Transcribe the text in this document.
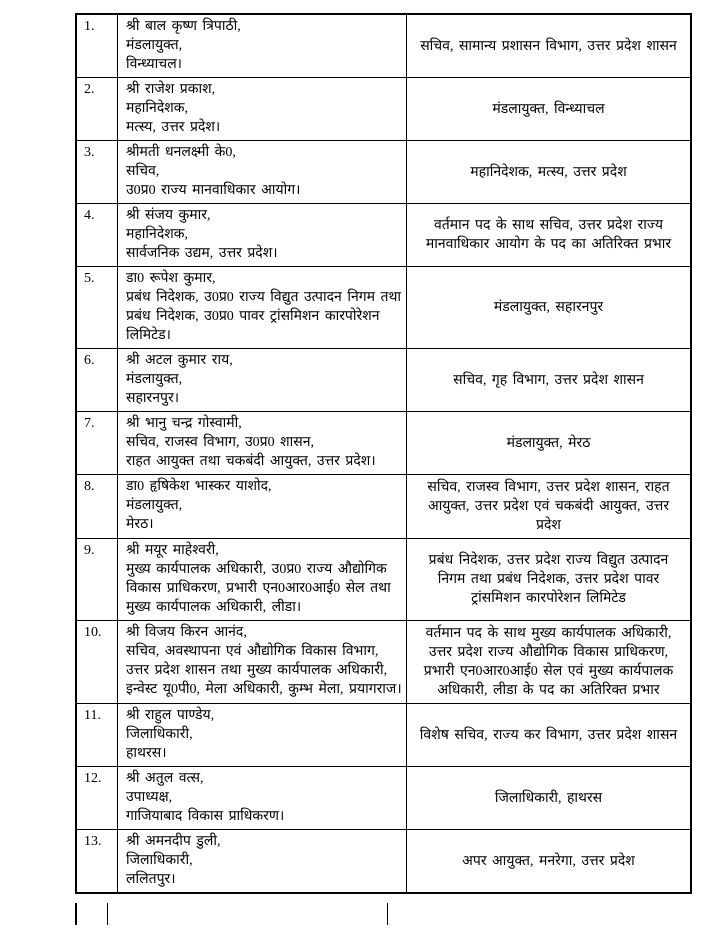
1.	श्री बाल कृष्ण त्रिपाठी,
मंडलायुक्त,
विन्ध्याचल।	सचिव, सामान्य प्रशासन विभाग, उत्तर प्रदेश शासन
2.	श्री राजेश प्रकाश,
महानिदेशक,
मत्स्य, उत्तर प्रदेश।	मंडलायुक्त, विन्ध्याचल
3.	श्रीमती धनलक्ष्मी के0,
सचिव,
उ0प्र0 राज्य मानवाधिकार आयोग।	महानिदेशक, मत्स्य, उत्तर प्रदेश
4.	श्री संजय कुमार,
महानिदेशक,
सार्वजनिक उद्यम, उत्तर प्रदेश।	वर्तमान पद के साथ सचिव, उत्तर प्रदेश राज्य मानवाधिकार आयोग के पद का अतिरिक्त प्रभार
5.	डा0 रूपेश कुमार,
प्रबंध निदेशक, उ0प्र0 राज्य विद्युत उत्पादन निगम तथा
प्रबंध निदेशक, उ0प्र0 पावर ट्रांसमिशन कारपोरेशन
लिमिटेड।	मंडलायुक्त, सहारनपुर
6.	श्री अटल कुमार राय,
मंडलायुक्त,
सहारनपुर।	सचिव, गृह विभाग, उत्तर प्रदेश शासन
7.	श्री भानु चन्द्र गोस्वामी,
सचिव, राजस्व विभाग, उ0प्र0 शासन,
राहत आयुक्त तथा चकबंदी आयुक्त, उत्तर प्रदेश।	मंडलायुक्त, मेरठ
8.	डा0 हृषिकेश भास्कर याशोद,
मंडलायुक्त,
मेरठ।	सचिव, राजस्व विभाग, उत्तर प्रदेश शासन, राहत आयुक्त, उत्तर प्रदेश एवं चकबंदी आयुक्त, उत्तर प्रदेश
9.	श्री मयूर माहेश्वरी,
मुख्य कार्यपालक अधिकारी, उ0प्र0 राज्य औद्योगिक
विकास प्राधिकरण, प्रभारी एन0आर0आई0 सेल तथा
मुख्य कार्यपालक अधिकारी, लीडा।	प्रबंध निदेशक, उत्तर प्रदेश राज्य विद्युत उत्पादन निगम तथा प्रबंध निदेशक, उत्तर प्रदेश पावर ट्रांसमिशन कारपोरेशन लिमिटेड
10.	श्री विजय किरन आनंद,
सचिव, अवस्थापना एवं औद्योगिक विकास विभाग,
उत्तर प्रदेश शासन तथा मुख्य कार्यपालक अधिकारी,
इन्वेस्ट यू0पी0, मेला अधिकारी, कुम्भ मेला, प्रयागराज।	वर्तमान पद के साथ मुख्य कार्यपालक अधिकारी, उत्तर प्रदेश राज्य औद्योगिक विकास प्राधिकरण, प्रभारी एन0आर0आई0 सेल एवं मुख्य कार्यपालक अधिकारी, लीडा के पद का अतिरिक्त प्रभार
11.	श्री राहुल पाण्डेय,
जिलाधिकारी,
हाथरस।	विशेष सचिव, राज्य कर विभाग, उत्तर प्रदेश शासन
12.	श्री अतुल वत्स,
उपाध्यक्ष,
गाजियाबाद विकास प्राधिकरण।	जिलाधिकारी, हाथरस
13.	श्री अमनदीप डुली,
जिलाधिकारी,
ललितपुर।	अपर आयुक्त, मनरेगा, उत्तर प्रदेश
